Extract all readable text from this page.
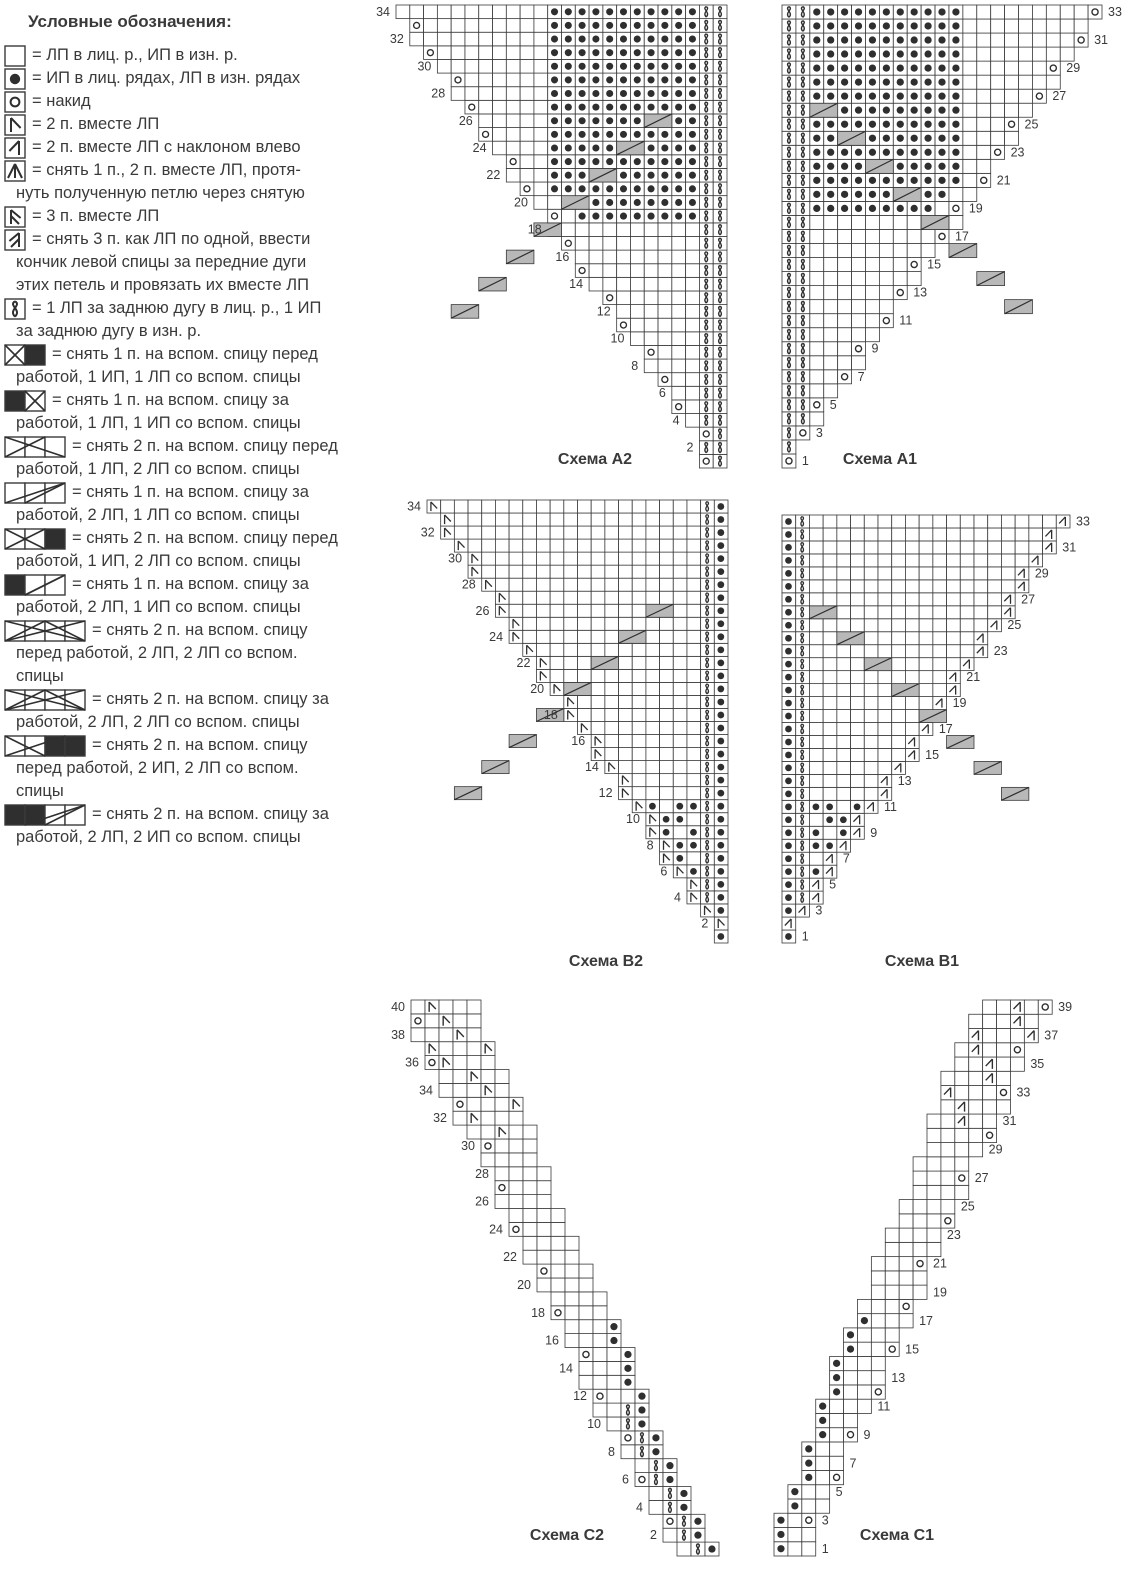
Условные обозначения:
= ЛП в лиц. р., ИП в изн. р.
= ИП в лиц. рядах, ЛП в изн. рядах
= накид
= 2 п. вместе ЛП
= 2 п. вместе ЛП с наклоном влево
= снять 1 п., 2 п. вместе ЛП, протя-
нуть полученную петлю через снятую
= 3 п. вместе ЛП
= снять 3 п. как ЛП по одной, ввести
кончик левой спицы за передние дуги
этих петель и провязать их вместе ЛП
= 1 ЛП за заднюю дугу в лиц. р., 1 ИП
за заднюю дугу в изн. р.
= снять 1 п. на вспом. спицу перед
работой, 1 ИП, 1 ЛП со вспом. спицы
= снять 1 п. на вспом. спицу за
работой, 1 ЛП, 1 ИП со вспом. спицы
= снять 2 п. на вспом. спицу перед
работой, 1 ЛП, 2 ЛП со вспом. спицы
= снять 1 п. на вспом. спицу за
работой, 2 ЛП, 1 ЛП со вспом. спицы
= снять 2 п. на вспом. спицу перед
работой, 1 ИП, 2 ЛП со вспом. спицы
= снять 1 п. на вспом. спицу за
работой, 2 ЛП, 1 ИП со вспом. спицы
= снять 2 п. на вспом. спицу
перед работой, 2 ЛП, 2 ЛП со вспом.
спицы
= снять 2 п. на вспом. спицу за
работой, 2 ЛП, 2 ЛП со вспом. спицы
= снять 2 п. на вспом. спицу
перед работой, 2 ИП, 2 ЛП со вспом.
спицы
= снять 2 п. на вспом. спицу за
работой, 2 ЛП, 2 ИП со вспом. спицы
2
4
6
8
10
12
14
16
18
20
22
24
26
28
30
32
34
Схема A2	1
3
5
7
9
11
13
15
17
19
21
23
25
27
29
31
33
Схема A1
2
4
6
8
10
12
14
16
18
20
22
24
26
28
30
32
34
Схема B2
1
3
5
7
9
11
13
15
17
19
21
23
25
27
29
31
33
Схема B1
2
4
6
8
10
12
14
16
18
20
22
24
26
28
30
32
34
36
38
40
Схема C2
1
3
5
7
9
11
13
15
17
19
21
23
25
27
29
31
33
35
37
39
Схема C1
